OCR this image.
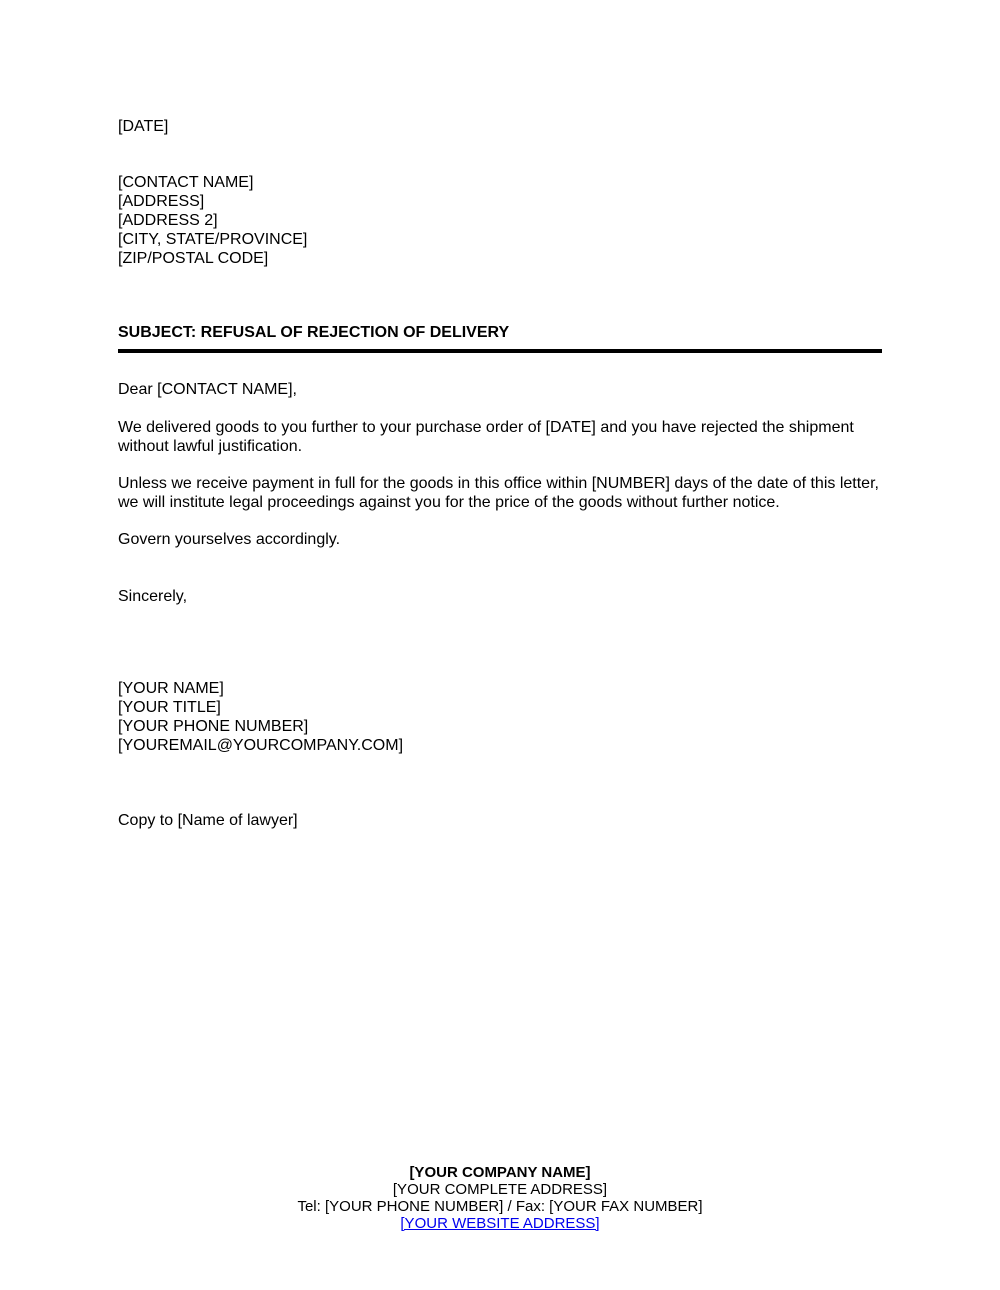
[DATE]
[CONTACT NAME]
[ADDRESS]
[ADDRESS 2]
[CITY, STATE/PROVINCE]
[ZIP/POSTAL CODE]
SUBJECT: REFUSAL OF REJECTION OF DELIVERY
Dear [CONTACT NAME],
We delivered goods to you further to your purchase order of [DATE] and you have rejected the shipment without lawful justification.
Unless we receive payment in full for the goods in this office within [NUMBER] days of the date of this letter, we will institute legal proceedings against you for the price of the goods without further notice.
Govern yourselves accordingly.
Sincerely,
[YOUR NAME]
[YOUR TITLE]
[YOUR PHONE NUMBER]
[YOUREMAIL@YOURCOMPANY.COM]
Copy to [Name of lawyer]
[YOUR COMPANY NAME]
[YOUR COMPLETE ADDRESS]
Tel: [YOUR PHONE NUMBER] / Fax: [YOUR FAX NUMBER]
[YOUR WEBSITE ADDRESS]
